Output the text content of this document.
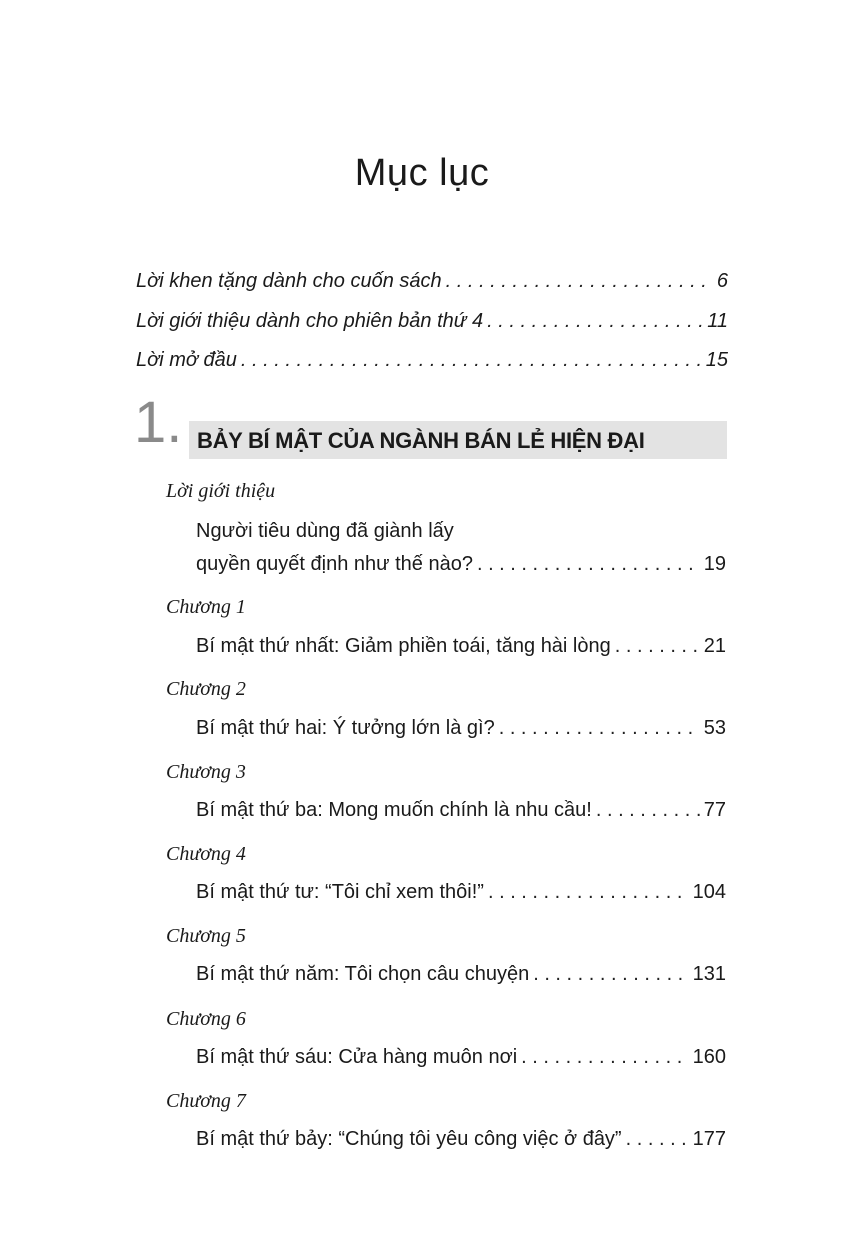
Mục lục
Lời khen tặng dành cho cuốn sách . . .	6
Lời giới thiệu dành cho phiên bản thứ 4 . . .	11
Lời mở đầu . . .	15
1. BẢY BÍ MẬT CỦA NGÀNH BÁN LẺ HIỆN ĐẠI

Lời giới thiệu

Người tiêu dùng đã giành lấy

quyền quyết định như thế nào? . . .	19

Chương 1

Bí mật thứ nhất: Giảm phiền toái, tăng hài lòng . . .	21

Chương 2

Bí mật thứ hai: Ý tưởng lớn là gì? . . .	53

Chương 3

Bí mật thứ ba: Mong muốn chính là nhu cầu! . . .	77

Chương 4

Bí mật thứ tư: “Tôi chỉ xem thôi!” . . .	104

Chương 5

Bí mật thứ năm: Tôi chọn câu chuyện . . .	131

Chương 6

Bí mật thứ sáu: Cửa hàng muôn nơi . . .	160

Chương 7

Bí mật thứ bảy: “Chúng tôi yêu công việc ở đây” . . .	177
